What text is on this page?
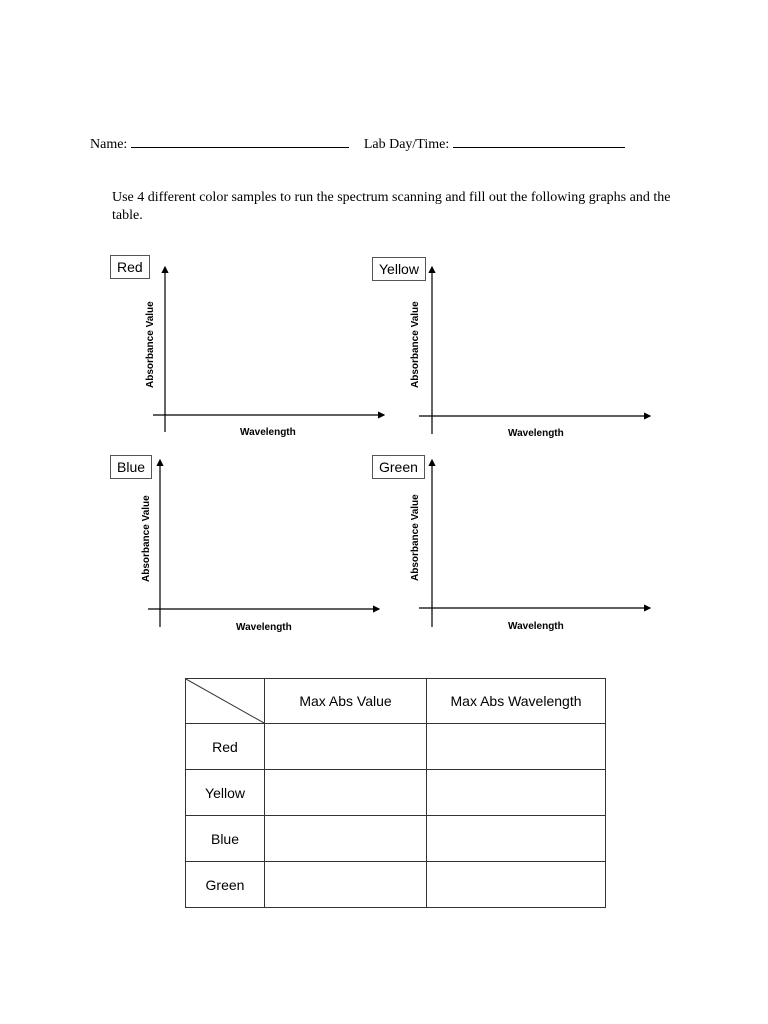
Name:	Lab Day/Time:
Use 4 different color samples to run the spectrum scanning and fill out the following graphs and the table.
Red
Absorbance Value
Wavelength
Yellow
Absorbance Value
Wavelength
Blue
Absorbance Value
Wavelength
Green
Absorbance Value
Wavelength
	Max Abs Value	Max Abs Wavelength
Red		
Yellow		
Blue		
Green		
